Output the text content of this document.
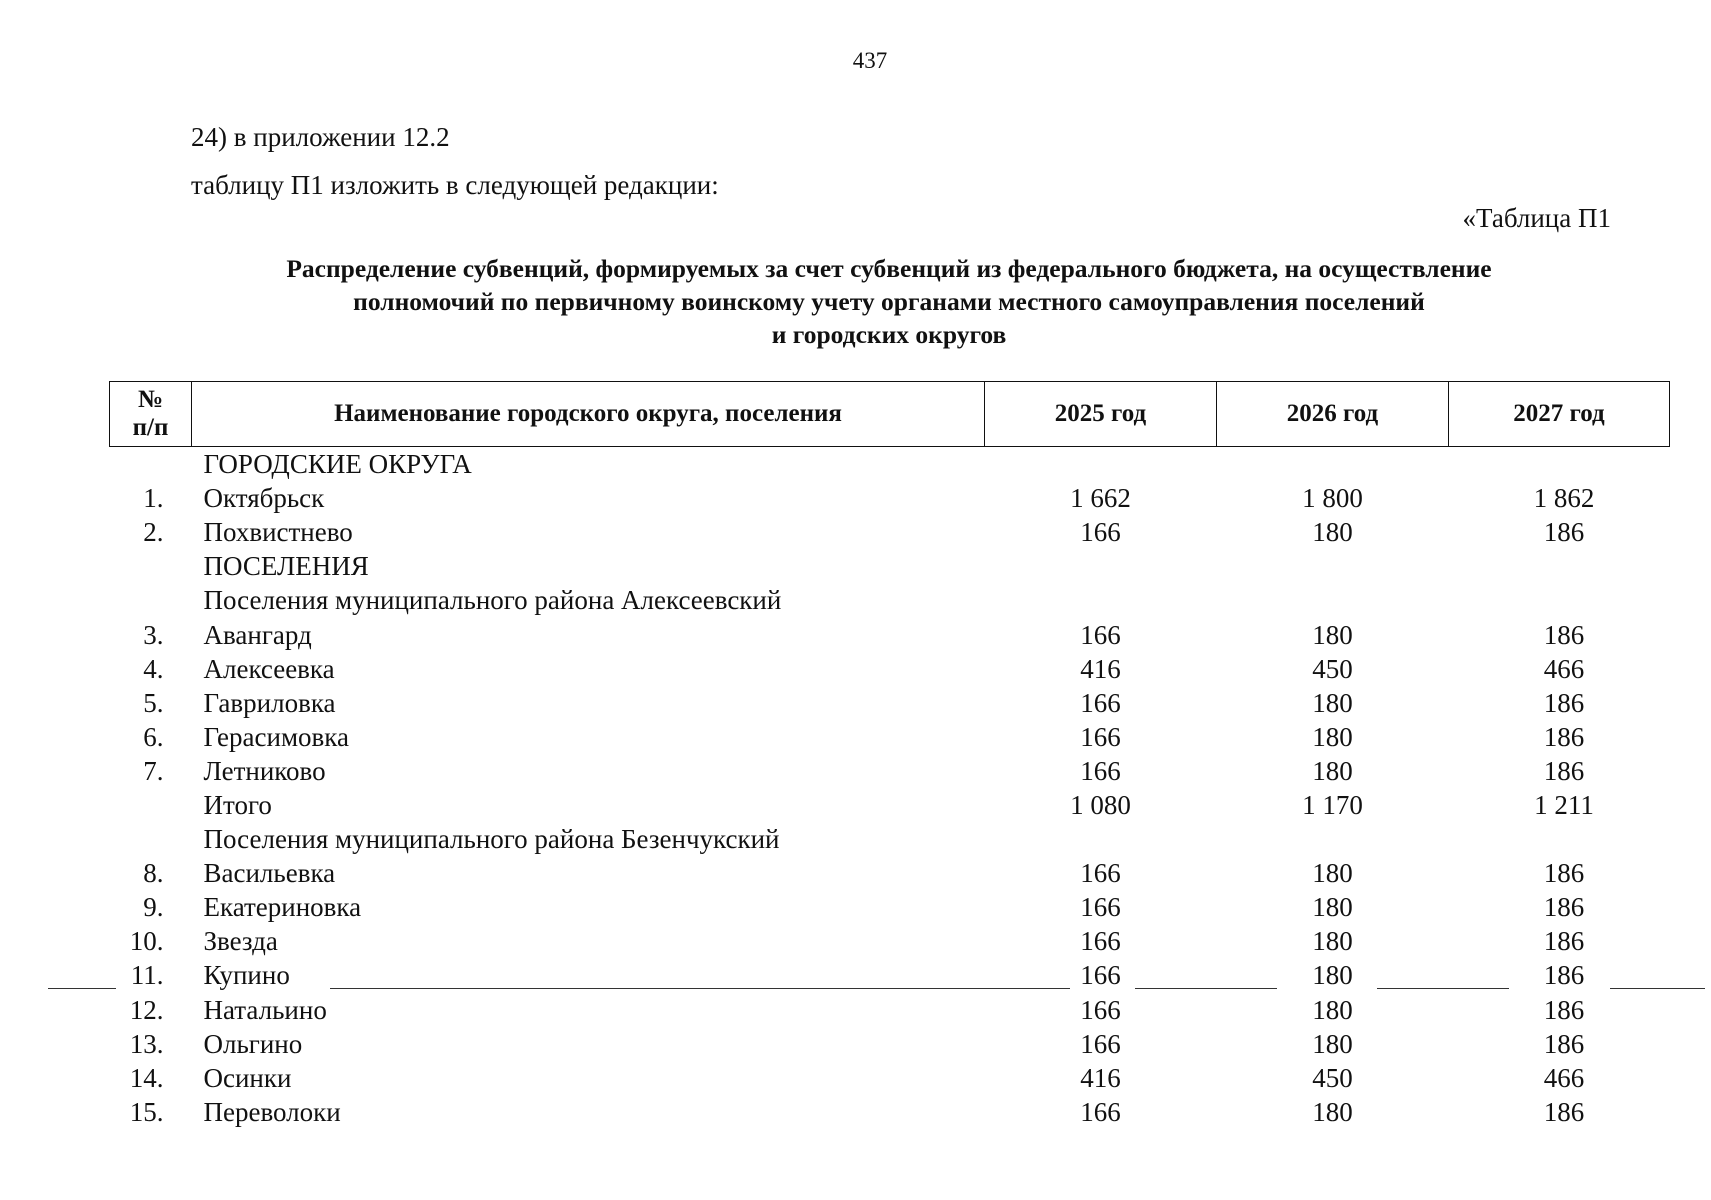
437
24) в приложении 12.2
таблицу П1 изложить в следующей редакции:
«Таблица П1
Распределение субвенций, формируемых за счет субвенций из федерального бюджета, на осуществление
полномочий по первичному воинскому учету органами местного самоуправления поселений
и городских округов
№
п/п	Наименование городского округа, поселения	2025 год	2026 год	2027 год
	ГОРОДСКИЕ ОКРУГА			
1.	Октябрьск	1 662	1 800	1 862
2.	Похвистнево	166	180	186
	ПОСЕЛЕНИЯ			
	Поселения муниципального района Алексеевский			
3.	Авангард	166	180	186
4.	Алексеевка	416	450	466
5.	Гавриловка	166	180	186
6.	Герасимовка	166	180	186
7.	Летниково	166	180	186
	Итого	1 080	1 170	1 211
	Поселения муниципального района Безенчукский			
8.	Васильевка	166	180	186
9.	Екатериновка	166	180	186
10.	Звезда	166	180	186
11.	Купино	166	180	186
12.	Натальино	166	180	186
13.	Ольгино	166	180	186
14.	Осинки	416	450	466
15.	Переволоки	166	180	186
